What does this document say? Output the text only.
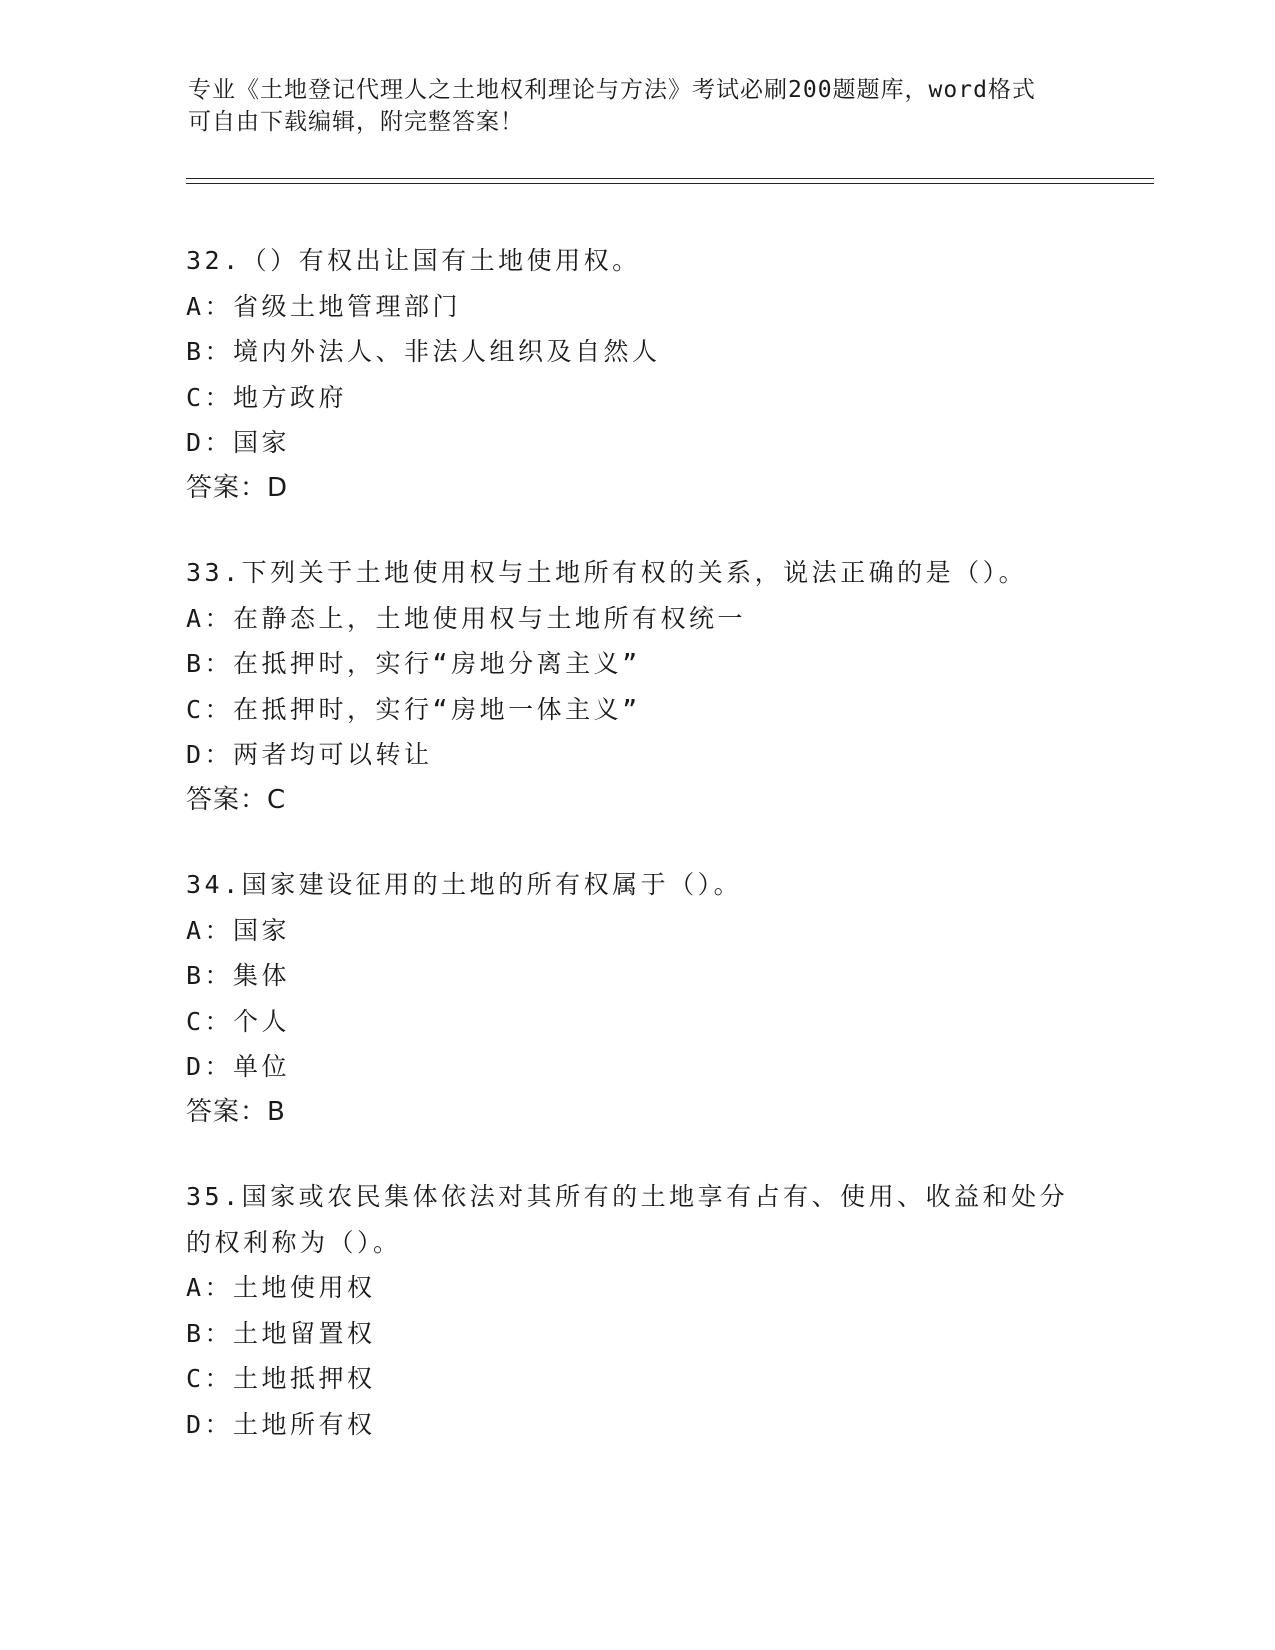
专业《土地登记代理人之土地权利理论与方法》考试必刷200题题库，word格式
可自由下载编辑，附完整答案！
32.（）有权出让国有土地使用权。
A：省级土地管理部门
B：境内外法人、非法人组织及自然人
C：地方政府
D：国家
答案：D
33.下列关于土地使用权与土地所有权的关系，说法正确的是（）。
A：在静态上，土地使用权与土地所有权统一
B：在抵押时，实行“房地分离主义”
C：在抵押时，实行“房地一体主义”
D：两者均可以转让
答案：C
34.国家建设征用的土地的所有权属于（）。
A：国家
B：集体
C：个人
D：单位
答案：B
35.国家或农民集体依法对其所有的土地享有占有、使用、收益和处分
的权利称为（）。
A：土地使用权
B：土地留置权
C：土地抵押权
D：土地所有权
